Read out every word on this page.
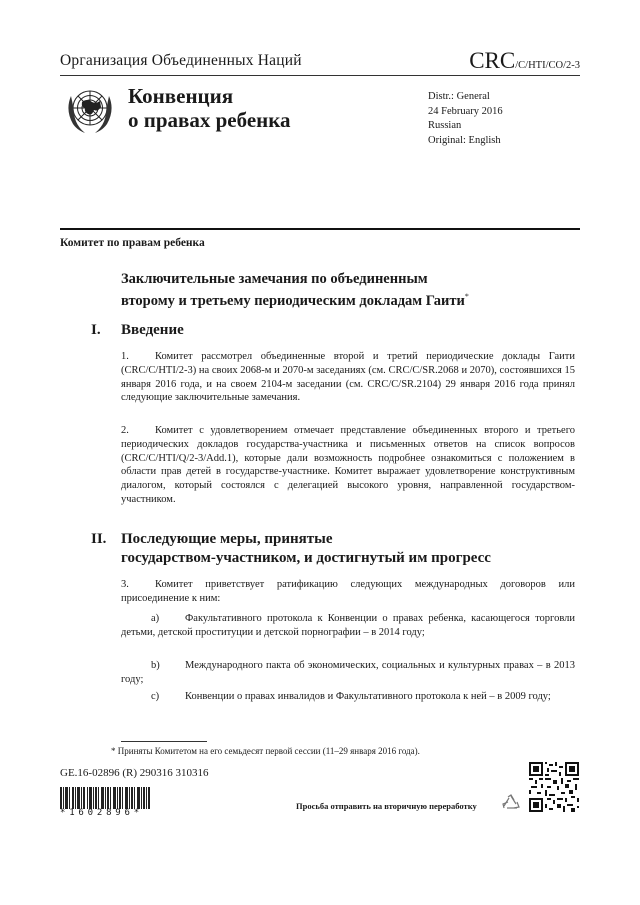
Организация Объединенных Наций	CRC/C/HTI/CO/2-3
Конвенция
о правах ребенка
Distr.: General
24 February 2016
Russian
Original: English
Комитет по правам ребенка
Заключительные замечания по объединенным
второму и третьему периодическим докладам Гаити*
I. Введение
1. Комитет рассмотрел объединенные второй и третий периодические доклады Гаити (CRC/C/HTI/2-3) на своих 2068-м и 2070-м заседаниях (см. CRC/C/SR.2068 и 2070), состоявшихся 15 января 2016 года, и на своем 2104-м заседании (см. CRC/C/SR.2104) 29 января 2016 года принял следующие заключительные замечания.
2. Комитет с удовлетворением отмечает представление объединенных второго и третьего периодических докладов государства-участника и письменных ответов на список вопросов (CRC/C/HTI/Q/2-3/Add.1), которые дали возможность подробнее ознакомиться с положением в области прав детей в государстве-участнике. Комитет выражает удовлетворение конструктивным диалогом, который состоялся с делегацией высокого уровня, направленной государством-участником.
II. Последующие меры, принятые
государством-участником, и достигнутый им прогресс
3. Комитет приветствует ратификацию следующих международных договоров или присоединение к ним:
a) Факультативного протокола к Конвенции о правах ребенка, касающегося торговли детьми, детской проституции и детской порнографии – в 2014 году;
b) Международного пакта об экономических, социальных и культурных правах – в 2013 году;
c) Конвенции о правах инвалидов и Факультативного протокола к ней – в 2009 году;
* Приняты Комитетом на его семьдесят первой сессии (11–29 января 2016 года).
GE.16-02896 (R) 290316 310316
*1602896*
Просьба отправить на вторичную переработку
